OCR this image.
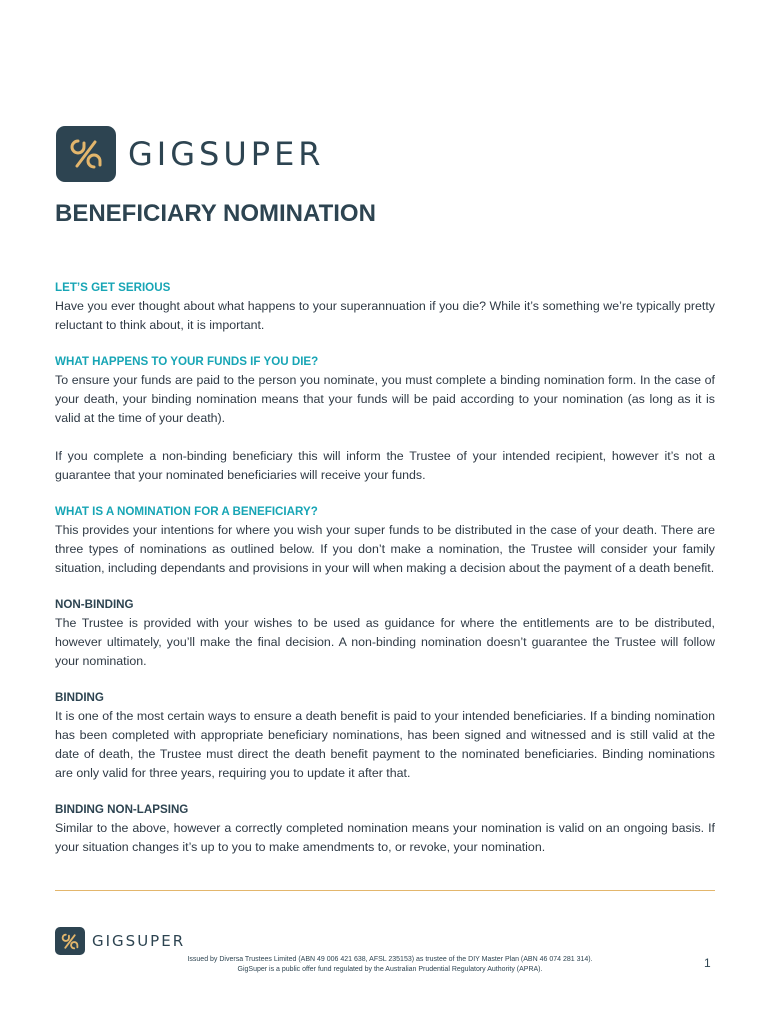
GIGSUPER
BENEFICIARY NOMINATION
LET’S GET SERIOUS

Have you ever thought about what happens to your superannuation if you die? While it’s something we’re typically pretty reluctant to think about, it is important.

WHAT HAPPENS TO YOUR FUNDS IF YOU DIE?

To ensure your funds are paid to the person you nominate, you must complete a binding nomination form. In the case of your death, your binding nomination means that your funds will be paid according to your nomination (as long as it is valid at the time of your death).

If you complete a non-binding beneficiary this will inform the Trustee of your intended recipient, however it’s not a guarantee that your nominated beneficiaries will receive your funds.

WHAT IS A NOMINATION FOR A BENEFICIARY?

This provides your intentions for where you wish your super funds to be distributed in the case of your death. There are three types of nominations as outlined below. If you don’t make a nomination, the Trustee will consider your family situation, including dependants and provisions in your will when making a decision about the payment of a death benefit.

NON-BINDING

The Trustee is provided with your wishes to be used as guidance for where the entitlements are to be distributed, however ultimately, you’ll make the final decision. A non-binding nomination doesn’t guarantee the Trustee will follow your nomination.

BINDING

It is one of the most certain ways to ensure a death benefit is paid to your intended beneficiaries. If a binding nomination has been completed with appropriate beneficiary nominations, has been signed and witnessed and is still valid at the date of death, the Trustee must direct the death benefit payment to the nominated beneficiaries. Binding nominations are only valid for three years, requiring you to update it after that.

BINDING NON-LAPSING

Similar to the above, however a correctly completed nomination means your nomination is valid on an ongoing basis. If your situation changes it’s up to you to make amendments to, or revoke, your nomination.

GIGSUPER
Issued by Diversa Trustees Limited (ABN 49 006 421 638, AFSL 235153) as trustee of the DIY Master Plan (ABN 46 074 281 314).
GigSuper is a public offer fund regulated by the Australian Prudential Regulatory Authority (APRA).	1
